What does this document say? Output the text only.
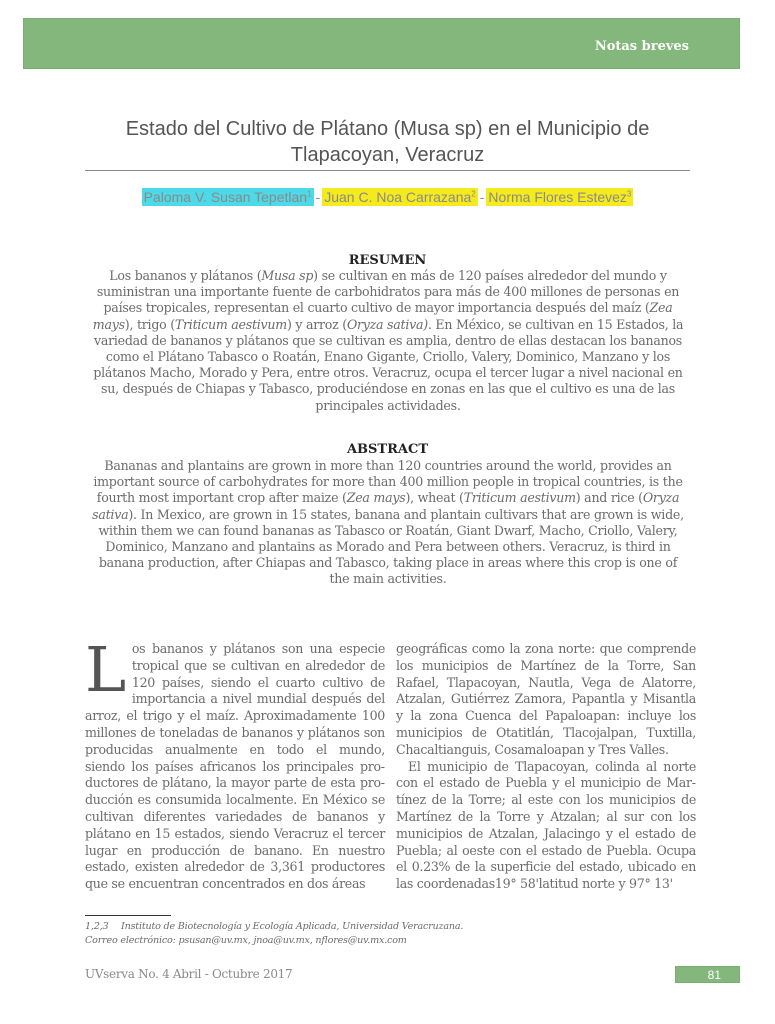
Notas breves
Estado del Cultivo de Plátano (Musa sp) en el Municipio de
Tlapacoyan, Veracruz
Paloma V. Susan Tepetlan$^1$ - Juan C. Noa Carrazana$^2$ - Norma Flores Estevez$^3$
RESUMEN
Los bananos y plátanos (Musa sp) se cultivan en más de 120 países alrededor del mundo y suministran una importante fuente de carbohidratos para más de 400 millones de personas en países tropicales, representan el cuarto cultivo de mayor importancia después del maíz (Zea mays), trigo (Triticum aestivum) y arroz (Oryza sativa). En México, se cultivan en 15 Estados, la variedad de bananos y plátanos que se cultivan es amplia, dentro de ellas destacan los bananos como el Plátano Tabasco o Roatán, Enano Gigante, Criollo, Valery, Dominico, Manzano y los plátanos Macho, Morado y Pera, entre otros. Veracruz, ocupa el tercer lugar a nivel nacional en su, después de Chiapas y Tabasco, produciéndose en zonas en las que el cultivo es una de las principales actividades.
ABSTRACT
Bananas and plantains are grown in more than 120 countries around the world, provides an important source of carbohydrates for more than 400 million people in tropical countries, is the fourth most important crop after maize (Zea mays), wheat (Triticum aestivum) and rice (Oryza sativa). In Mexico, are grown in 15 states, banana and plantain cultivars that are grown is wide, within them we can found bananas as Tabasco or Roatán, Giant Dwarf, Macho, Criollo, Valery, Dominico, Manzano and plantains as Morado and Pera between others. Veracruz, is third in banana production, after Chiapas and Tabasco, taking place in areas where this crop is one of the main activities.

Los bananos y plátanos son una especie tropical que se cultivan en alrededor de 120 países, siendo el cuarto cultivo de importancia a nivel mundial después del arroz, el trigo y el maíz. Aproximadamente 100 millones de toneladas de bananos y plátanos son producidas anualmente en todo el mundo, siendo los países africanos los principales productores de plátano, la mayor parte de esta producción es consumida localmente. En México se cultivan diferentes variedades de bananos y plátano en 15 estados, siendo Veracruz el tercer lugar en producción de banano. En nuestro estado, existen alrededor de 3,361 productores que se encuentran concentrados en dos áreas

geográficas como la zona norte: que comprende los municipios de Martínez de la Torre, San Rafael, Tlapacoyan, Nautla, Vega de Alatorre, Atzalan, Gutiérrez Zamora, Papantla y Misantla y la zona Cuenca del Papaloapan: incluye los municipios de Otatitlán, Tlacojalpan, Tuxtilla, Chacaltianguis, Cosamaloapan y Tres Valles.

El municipio de Tlapacoyan, colinda al norte con el estado de Puebla y el municipio de Martínez de la Torre; al este con los municipios de Martínez de la Torre y Atzalan; al sur con los municipios de Atzalan, Jalacingo y el estado de Puebla; al oeste con el estado de Puebla. Ocupa el 0.23% de la superficie del estado, ubicado en las coordenadas19° 58'latitud norte y 97° 13'

1,2,3 Instituto de Biotecnología y Ecología Aplicada, Universidad Veracruzana.
Correo electrónico: psusan@uv.mx, jnoa@uv.mx, nflores@uv.mx.com
UVserva No. 4 Abril - Octubre 2017	81
